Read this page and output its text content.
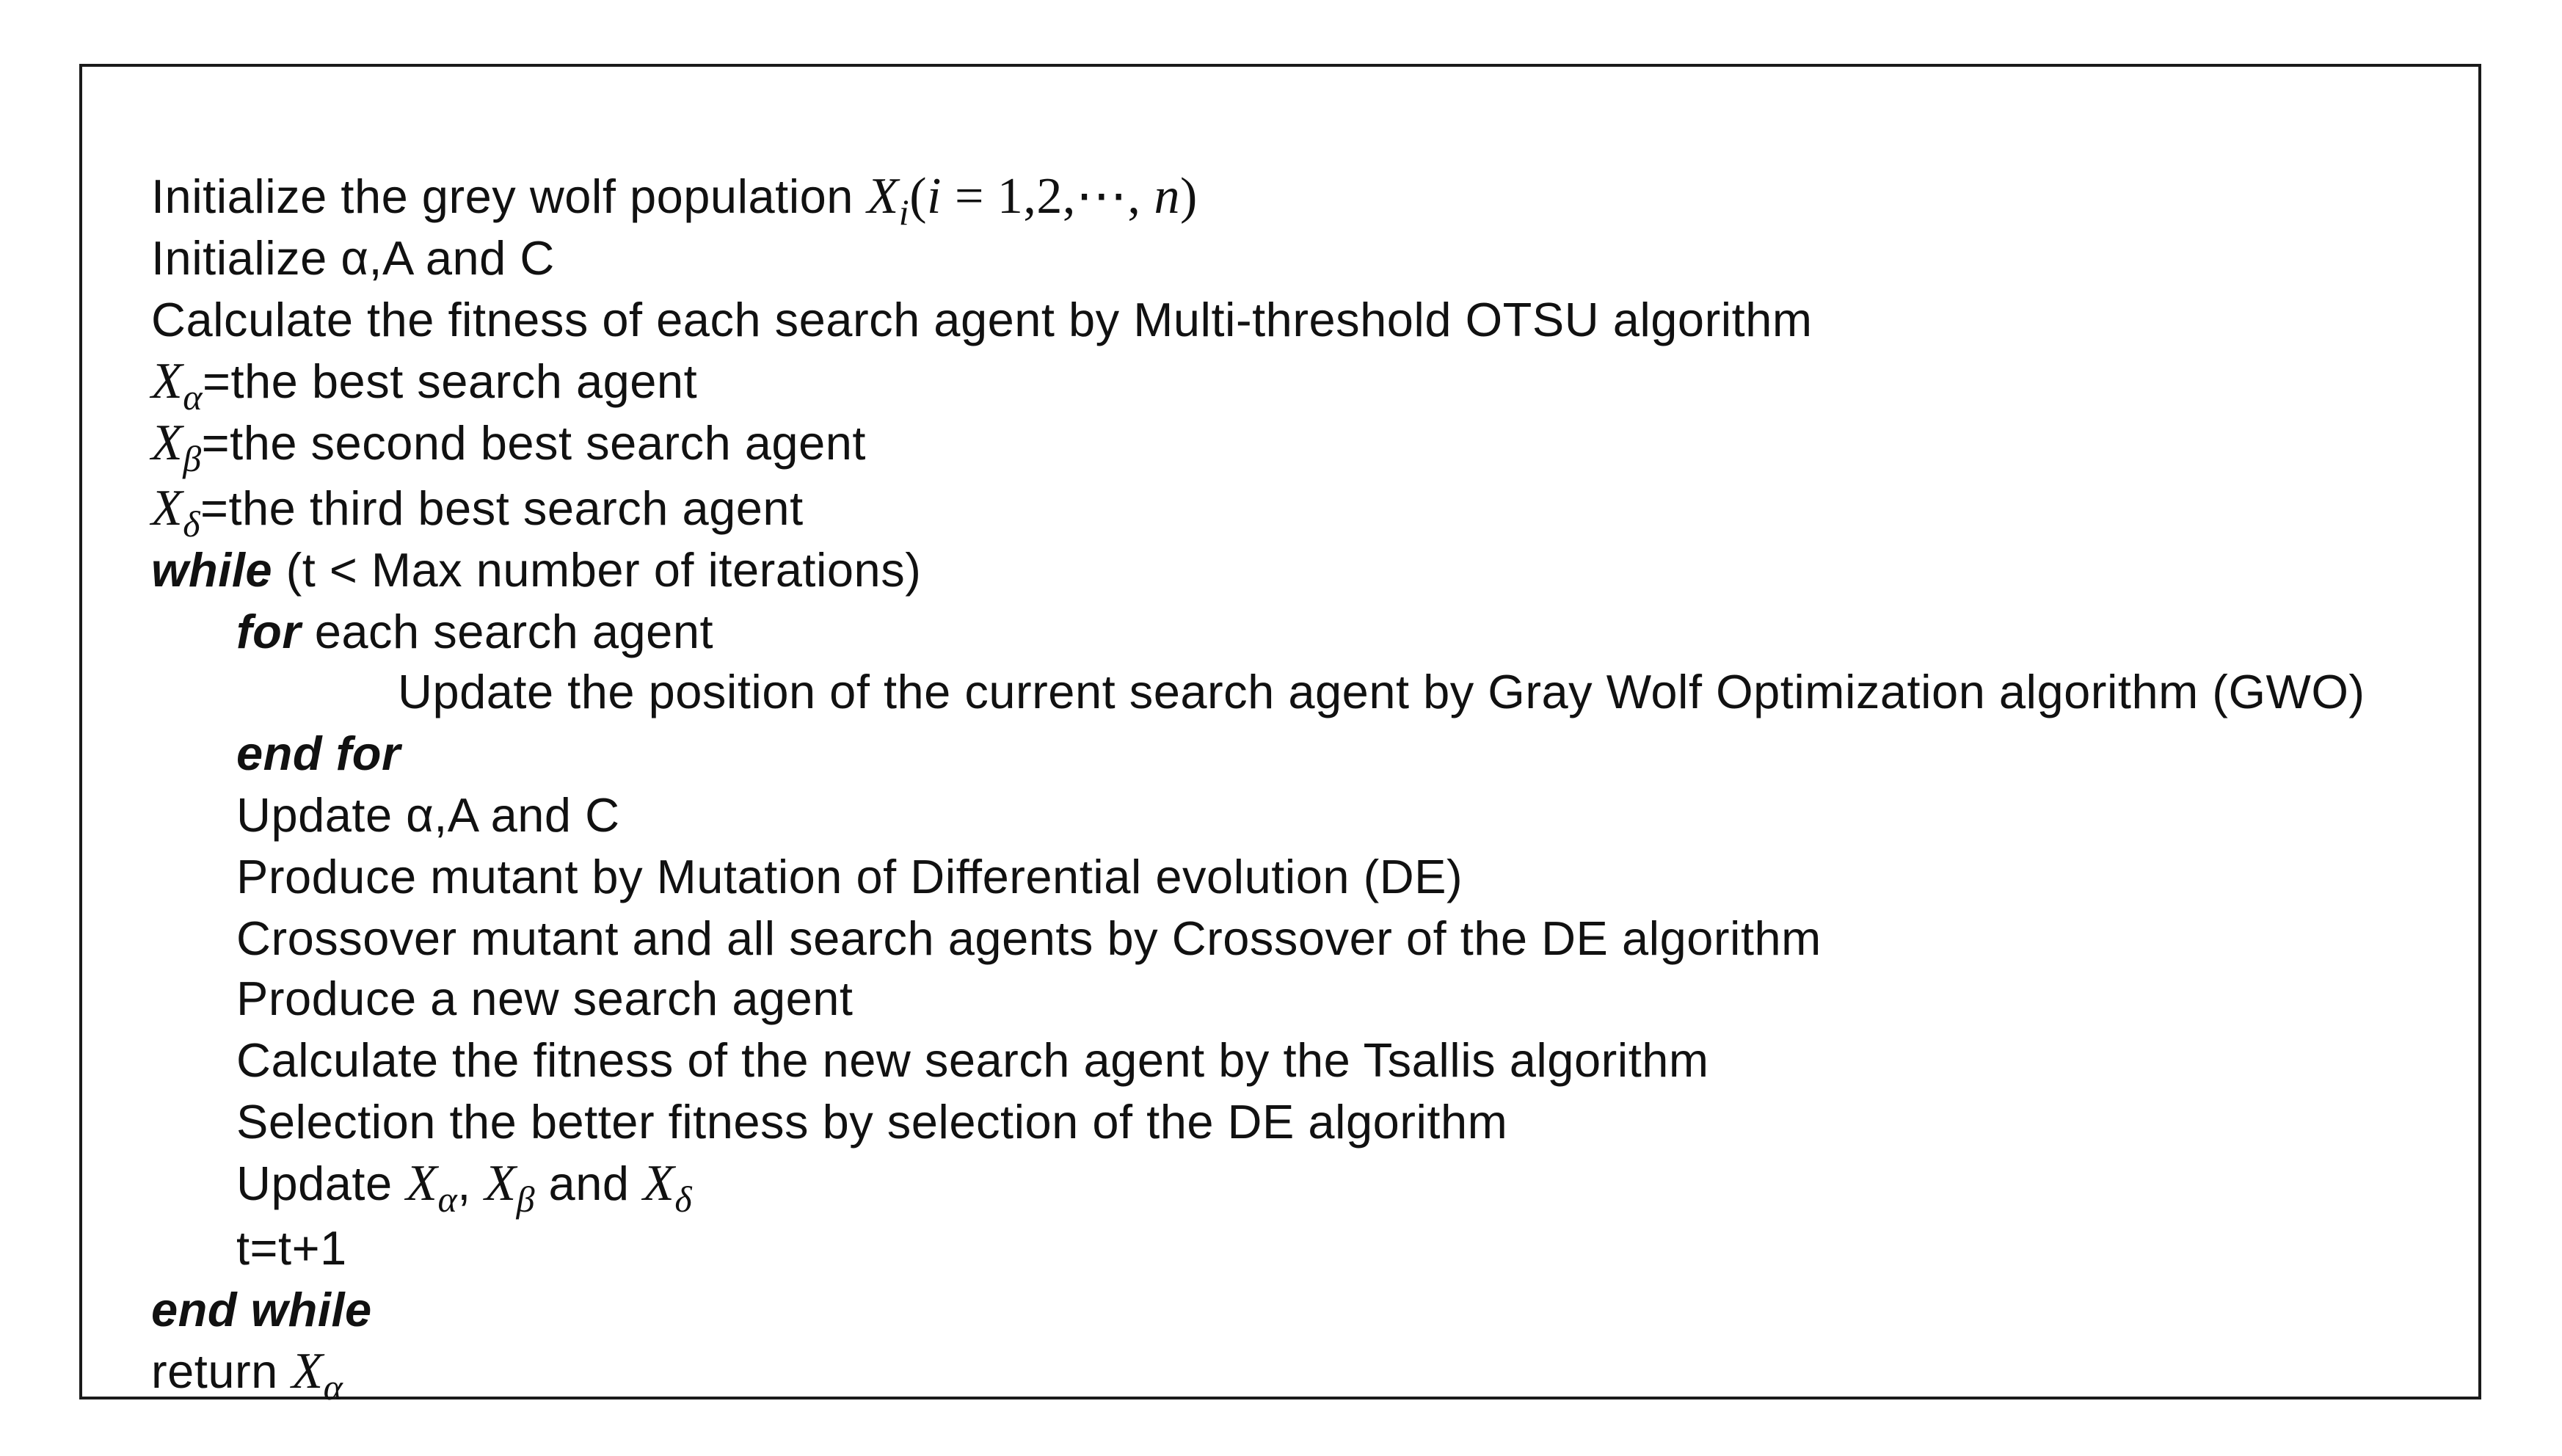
Initialize the grey wolf population $X_i(i$ = 1,2,⋯, n)
Initialize α,A and C
Calculate the fitness of each search agent by Multi-threshold OTSU algorithm
$X_\alpha=the$ best search agent
$X_\beta=the$ second best search agent
$X_\delta=the$ third best search agent
while (t < Max number of iterations)
for each search agent
Update the position of the current search agent by Gray Wolf Optimization algorithm (GWO)
end for
Update α,A and C
Produce mutant by Mutation of Differential evolution (DE)
Crossover mutant and all search agents by Crossover of the DE algorithm
Produce a new search agent
Calculate the fitness of the new search agent by the Tsallis algorithm
Selection the better fitness by selection of the DE algorithm
Update $X_\alpha$, $X_\beta$ and $X_\delta$
t=t+1
end while
return $X_\alpha$
